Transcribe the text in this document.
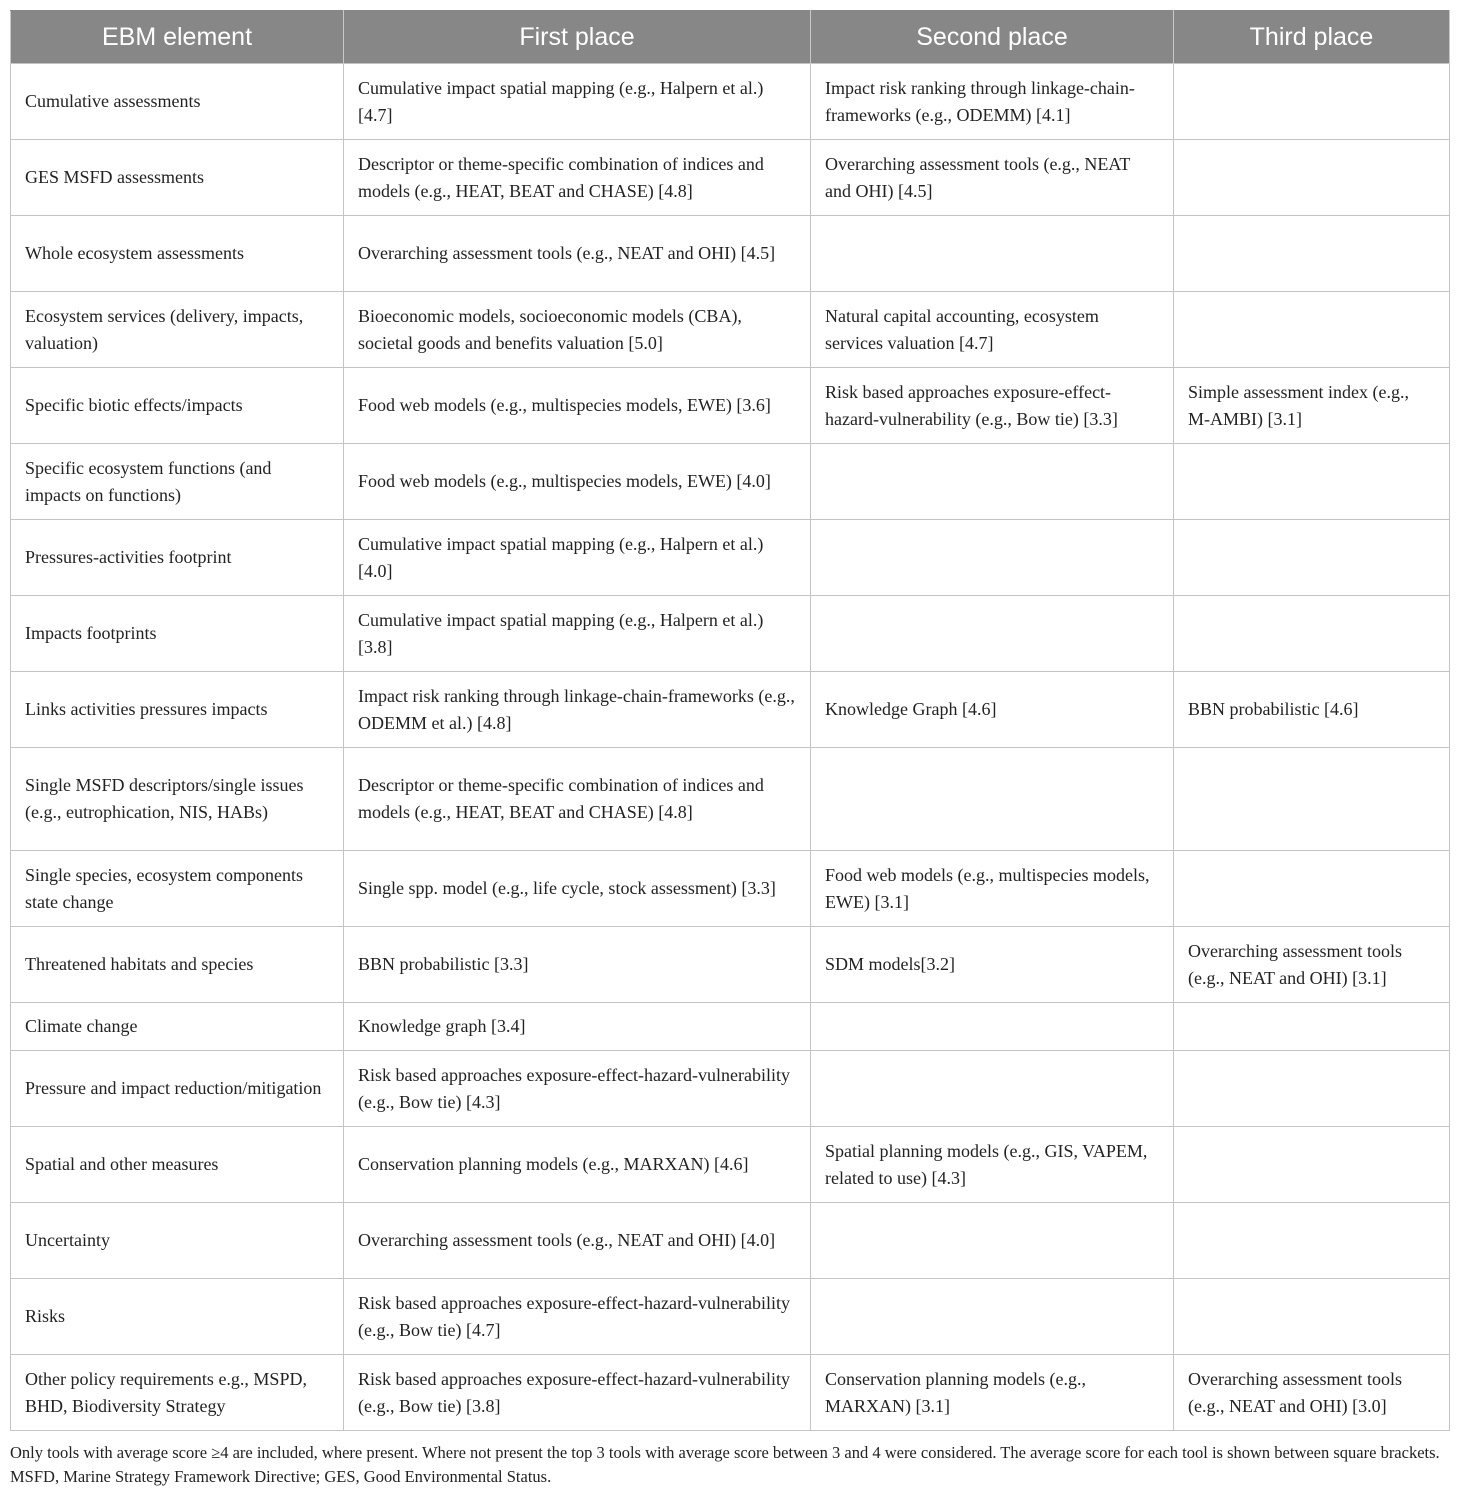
EBM element	First place	Second place	Third place
Cumulative assessments	Cumulative impact spatial mapping (e.g., Halpern et al.) [4.7]	Impact risk ranking through linkage-chain-frameworks (e.g., ODEMM) [4.1]	
GES MSFD assessments	Descriptor or theme-specific combination of indices and models (e.g., HEAT, BEAT and CHASE) [4.8]	Overarching assessment tools (e.g., NEAT and OHI) [4.5]	
Whole ecosystem assessments	Overarching assessment tools (e.g., NEAT and OHI) [4.5]		
Ecosystem services (delivery, impacts, valuation)	Bioeconomic models, socioeconomic models (CBA), societal goods and benefits valuation [5.0]	Natural capital accounting, ecosystem services valuation [4.7]	
Specific biotic effects/impacts	Food web models (e.g., multispecies models, EWE) [3.6]	Risk based approaches exposure-effect-hazard-vulnerability (e.g., Bow tie) [3.3]	Simple assessment index (e.g., M-AMBI) [3.1]
Specific ecosystem functions (and impacts on functions)	Food web models (e.g., multispecies models, EWE) [4.0]		
Pressures-activities footprint	Cumulative impact spatial mapping (e.g., Halpern et al.) [4.0]		
Impacts footprints	Cumulative impact spatial mapping (e.g., Halpern et al.) [3.8]		
Links activities pressures impacts	Impact risk ranking through linkage-chain-frameworks (e.g., ODEMM et al.) [4.8]	Knowledge Graph [4.6]	BBN probabilistic [4.6]
Single MSFD descriptors/single issues (e.g., eutrophication, NIS, HABs)	Descriptor or theme-specific combination of indices and models (e.g., HEAT, BEAT and CHASE) [4.8]		
Single species, ecosystem components state change	Single spp. model (e.g., life cycle, stock assessment) [3.3]	Food web models (e.g., multispecies models, EWE) [3.1]	
Threatened habitats and species	BBN probabilistic [3.3]	SDM models[3.2]	Overarching assessment tools (e.g., NEAT and OHI) [3.1]
Climate change	Knowledge graph [3.4]		
Pressure and impact reduction/mitigation	Risk based approaches exposure-effect-hazard-vulnerability (e.g., Bow tie) [4.3]		
Spatial and other measures	Conservation planning models (e.g., MARXAN) [4.6]	Spatial planning models (e.g., GIS, VAPEM, related to use) [4.3]	
Uncertainty	Overarching assessment tools (e.g., NEAT and OHI) [4.0]		
Risks	Risk based approaches exposure-effect-hazard-vulnerability (e.g., Bow tie) [4.7]		
Other policy requirements e.g., MSPD, BHD, Biodiversity Strategy	Risk based approaches exposure-effect-hazard-vulnerability (e.g., Bow tie) [3.8]	Conservation planning models (e.g., MARXAN) [3.1]	Overarching assessment tools (e.g., NEAT and OHI) [3.0]
Only tools with average score ≥4 are included, where present. Where not present the top 3 tools with average score between 3 and 4 were considered. The average score for each tool is shown between square brackets. MSFD, Marine Strategy Framework Directive; GES, Good Environmental Status.
